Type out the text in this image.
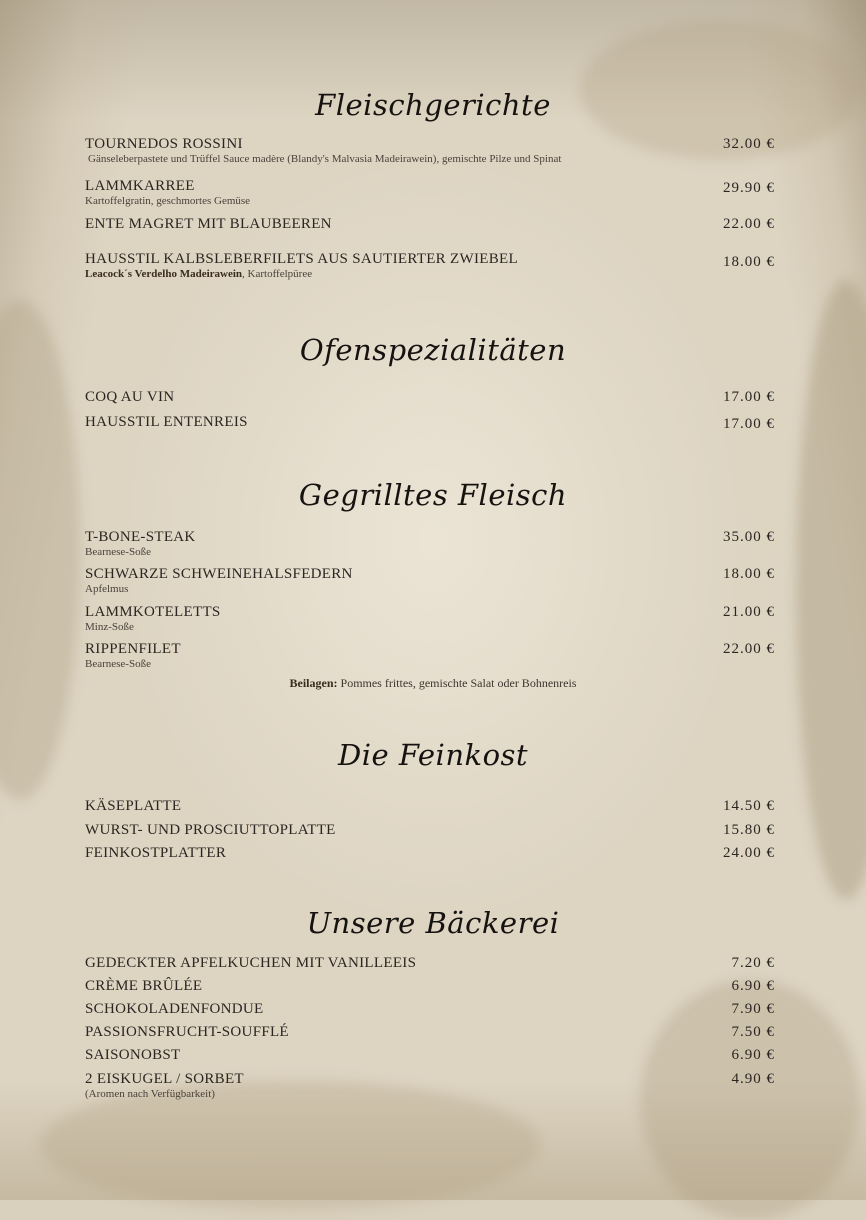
Fleischgerichte
TOURNEDOS ROSSINI
Gänseleberpastete und Trüffel Sauce madère (Blandy's Malvasia Madeirawein), gemischte Pilze und Spinat
32.00 €
LAMMKARREE
Kartoffelgratin, geschmortes Gemüse
29.90 €
ENTE MAGRET MIT BLAUBEEREN	22.00 €
HAUSSTIL KALBSLEBERFILETS AUS SAUTIERTER ZWIEBEL
Leacock´s Verdelho Madeirawein, Kartoffelpüree
18.00 €
Ofenspezialitäten
COQ AU VIN	17.00 €
HAUSSTIL ENTENREIS	17.00 €
Gegrilltes Fleisch
T-BONE-STEAK
Bearnese-Soße
35.00 €
SCHWARZE SCHWEINEHALSFEDERN
Apfelmus
18.00 €
LAMMKOTELETTS
Minz-Soße
21.00 €
RIPPENFILET
Bearnese-Soße
22.00 €
Beilagen: Pommes frittes, gemischte Salat oder Bohnenreis
Die Feinkost
KÄSEPLATTE	14.50 €
WURST- UND PROSCIUTTOPLATTE	15.80 €
FEINKOSTPLATTER	24.00 €
Unsere Bäckerei
GEDECKTER APFELKUCHEN MIT VANILLEEIS	7.20 €
CRÈME BRÛLÉE	6.90 €
SCHOKOLADENFONDUE	7.90 €
PASSIONSFRUCHT-SOUFFLÉ	7.50 €
SAISONOBST	6.90 €
2 EISKUGEL / SORBET
(Aromen nach Verfügbarkeit)
4.90 €
